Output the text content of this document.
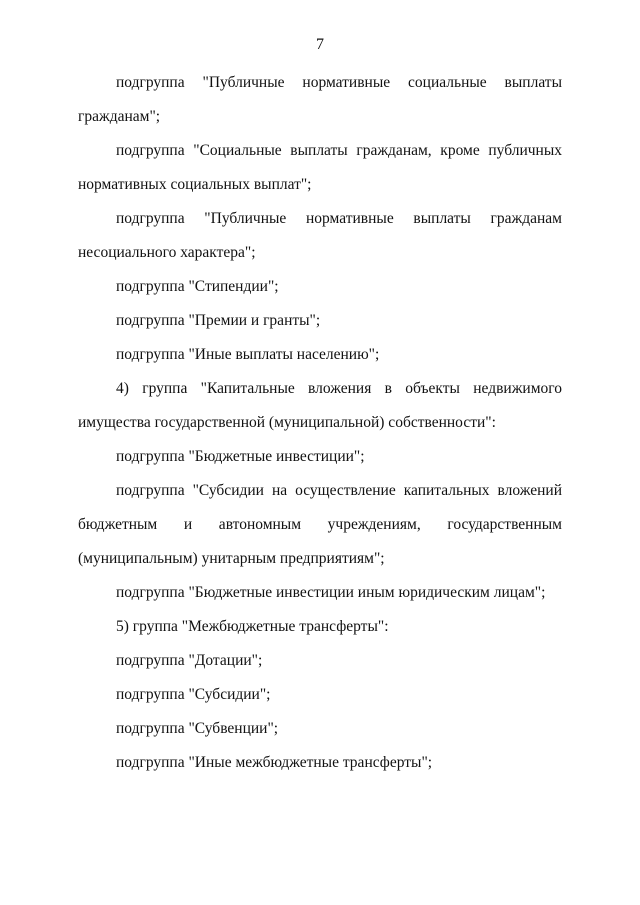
7

подгруппа "Публичные нормативные социальные выплаты гражданам";

подгруппа "Социальные выплаты гражданам, кроме публичных нормативных социальных выплат";

подгруппа "Публичные нормативные выплаты гражданам несоциального характера";

подгруппа "Стипендии";

подгруппа "Премии и гранты";

подгруппа "Иные выплаты населению";

4) группа "Капитальные вложения в объекты недвижимого имущества государственной (муниципальной) собственности":

подгруппа "Бюджетные инвестиции";

подгруппа "Субсидии на осуществление капитальных вложений бюджетным и автономным учреждениям, государственным (муниципальным) унитарным предприятиям";

подгруппа "Бюджетные инвестиции иным юридическим лицам";

5) группа "Межбюджетные трансферты":

подгруппа "Дотации";

подгруппа "Субсидии";

подгруппа "Субвенции";

подгруппа "Иные межбюджетные трансферты";
